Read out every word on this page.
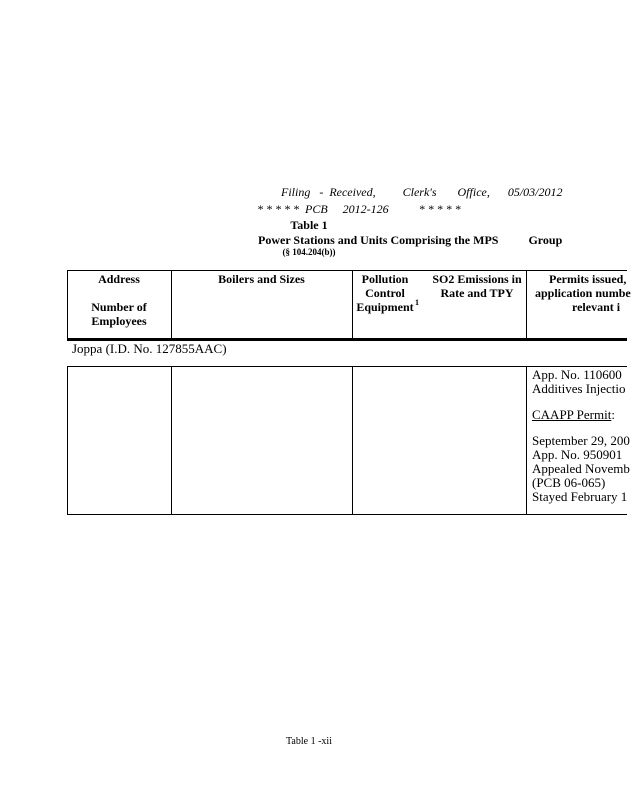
Filing   -  Received,         Clerk's       Office,      05/03/2012
* * * * *  PCB     2012-126          * * * * *
Table 1
Power Stations and Units Comprising the MPS          Group
(§ 104.204(b))
Address
Number of
Employees
Boilers and Sizes	Pollution
Control
Equipment 1
SO2 Emissions in
Rate and TPY
Permits issued,
application numbe
relevant i
Joppa (I.D. No. 127855AAC)
App. No. 110600
Additives Injectio
CAAPP Permit:
September 29, 200
App. No. 950901
Appealed Novemb
(PCB 06-065)
Stayed February 1
Table 1 -xii
